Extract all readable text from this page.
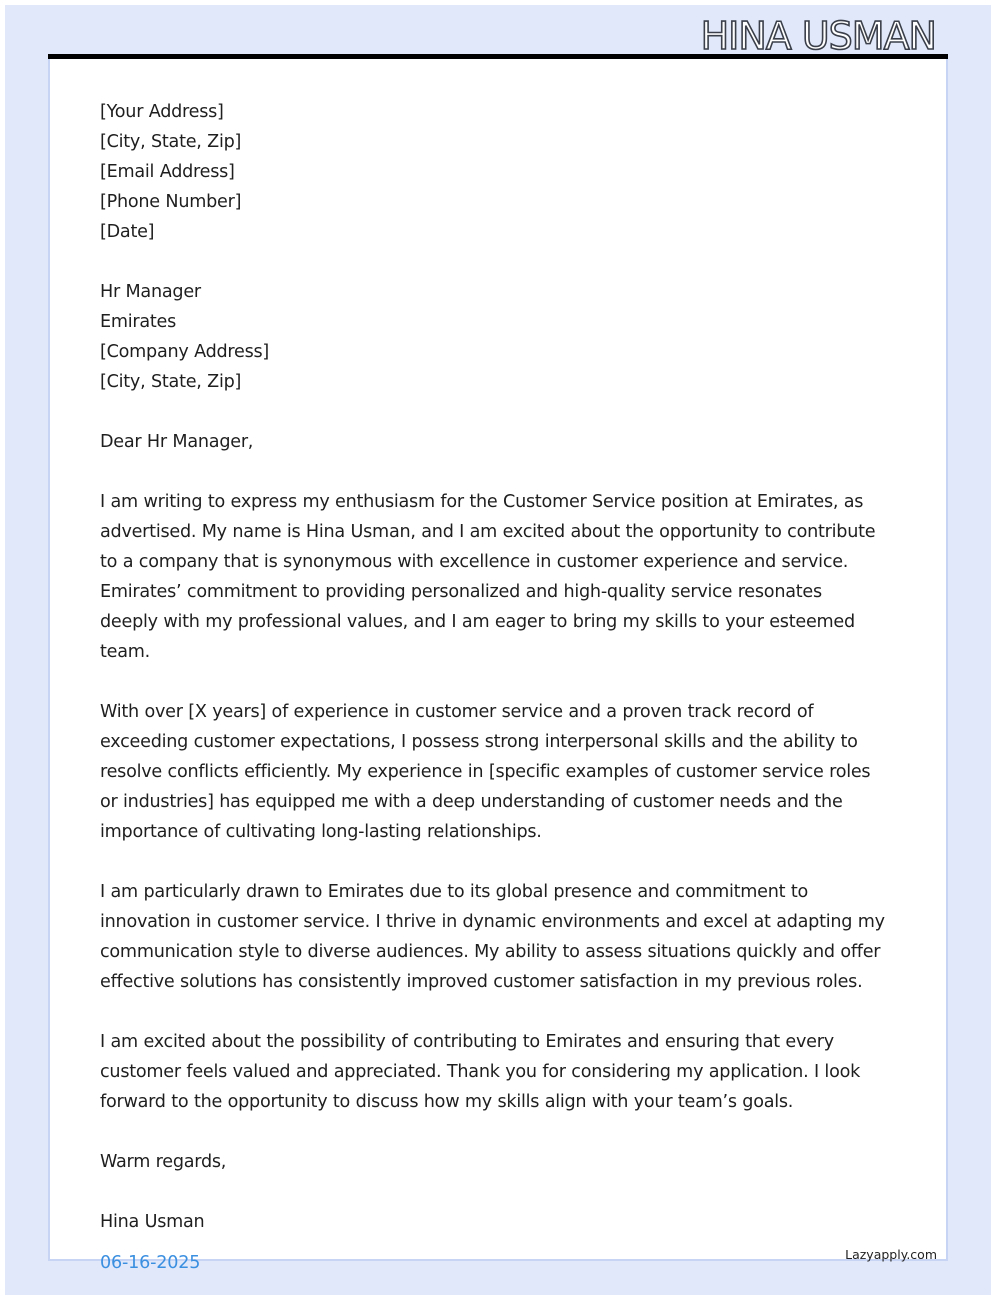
HINA USMAN
[Your Address]
[City, State, Zip]
[Email Address]
[Phone Number]
[Date]
Hr Manager
Emirates
[Company Address]
[City, State, Zip]
Dear Hr Manager,
I am writing to express my enthusiasm for the Customer Service position at Emirates, as
advertised. My name is Hina Usman, and I am excited about the opportunity to contribute
to a company that is synonymous with excellence in customer experience and service.
Emirates’ commitment to providing personalized and high-quality service resonates
deeply with my professional values, and I am eager to bring my skills to your esteemed
team.
With over [X years] of experience in customer service and a proven track record of
exceeding customer expectations, I possess strong interpersonal skills and the ability to
resolve conflicts efficiently. My experience in [specific examples of customer service roles
or industries] has equipped me with a deep understanding of customer needs and the
importance of cultivating long-lasting relationships.
I am particularly drawn to Emirates due to its global presence and commitment to
innovation in customer service. I thrive in dynamic environments and excel at adapting my
communication style to diverse audiences. My ability to assess situations quickly and offer
effective solutions has consistently improved customer satisfaction in my previous roles.
I am excited about the possibility of contributing to Emirates and ensuring that every
customer feels valued and appreciated. Thank you for considering my application. I look
forward to the opportunity to discuss how my skills align with your team’s goals.
Warm regards,
Hina Usman
06-16-2025	Lazyapply.com
